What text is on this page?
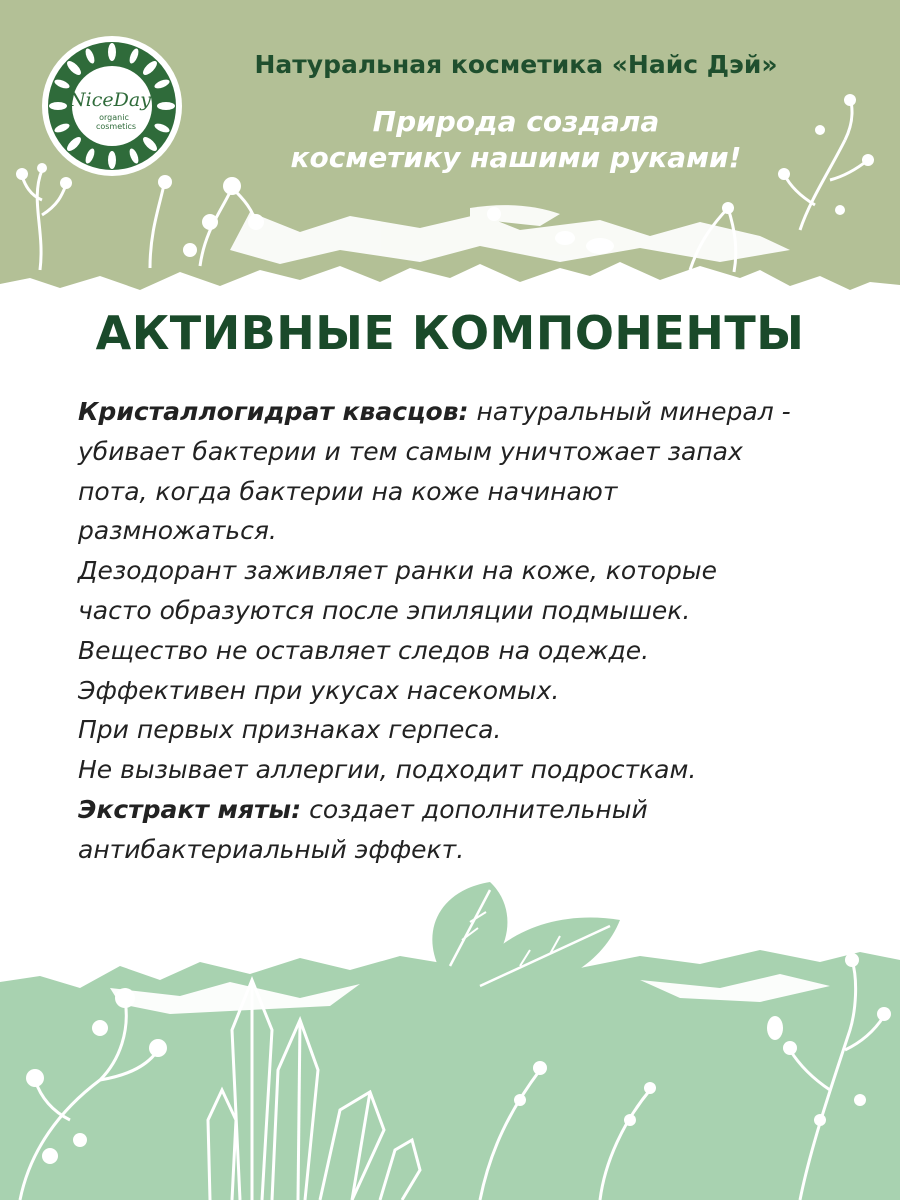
NiceDay
organic
cosmetics
Натуральная косметика «Найс Дэй»
Природа создала
косметику нашими руками!
АКТИВНЫЕ КОМПОНЕНТЫ
Кристаллогидрат квасцов: натуральный минерал -
убивает бактерии и тем самым уничтожает запах
пота, когда бактерии на коже начинают
размножаться.
Дезодорант заживляет ранки на коже, которые
часто образуются после эпиляции подмышек.
Вещество не оставляет следов на одежде.
Эффективен при укусах насекомых.
При первых признаках герпеса.
Не вызывает аллергии, подходит подросткам.
Экстракт мяты: создает дополнительный
антибактериальный эффект.
